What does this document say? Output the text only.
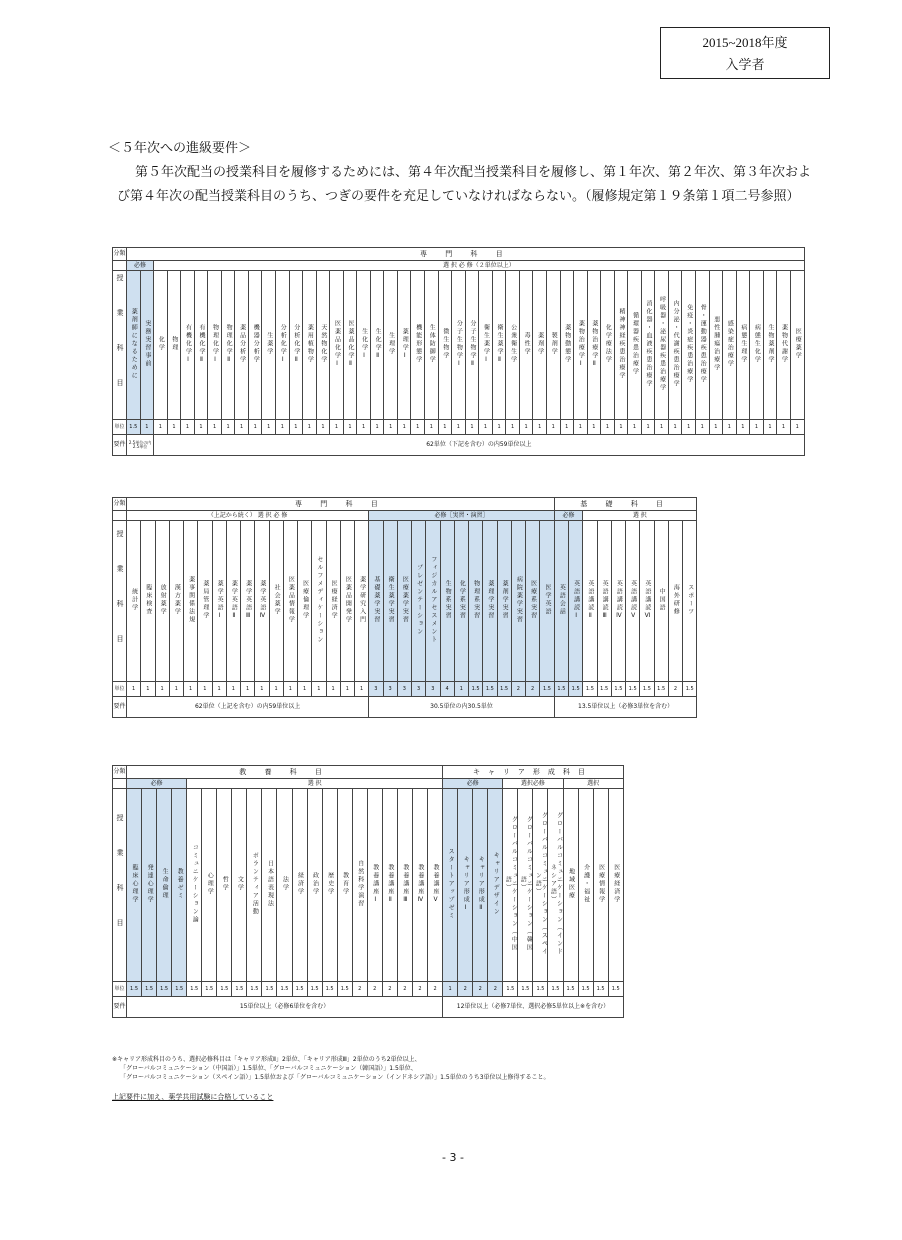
2015~2018年度
入学者
＜５年次への進級要件＞
第５年次配当の授業科目を履修するためには、第４年次配当授業科目を履修し、第１年次、第２年次、第３年次および第４年次の配当授業科目のうち、つぎの要件を充足していなければならない。（履修規定第１９条第１項二号参照）
分類	専 門 科 目																																																	
	必修		選 択 必 修（２単位以上）																																															
授業科目	薬剤師になるために	実務実習事前	化学	物理	有機化学Ⅰ	有機化学Ⅱ	物理化学Ⅰ	物理化学Ⅱ	薬品分析学	機器分析学	生薬学	分析化学Ⅰ	分析化学Ⅱ	薬用植物学	天然物化学	医薬品化学Ⅰ	医薬品化学Ⅱ	生化学Ⅰ	生化学Ⅱ	生理学	薬理学Ⅰ	機能形態学	生体防御学	微生物学	分子生物学Ⅰ	分子生物学Ⅱ	衛生薬学Ⅰ	衛生薬学Ⅱ	公衆衛生学	毒性学	薬剤学	製剤学	薬物動態学	薬物治療学Ⅰ	薬物治療学Ⅱ	化学療法学	精神神経疾患治療学	循環器疾患治療学	消化器・血液疾患治療学	呼吸器・泌尿器疾患治療学	内分泌・代謝疾患治療学	免疫・炎症疾患治療学	骨・運動器疾患治療学	悪性腫瘍治療学	感染症治療学	病態生理学	病態生化学	生物薬剤学	薬物代謝学	医療薬学
単位	1.5	1	1	1	1	1	1	1	1	1	1	1	1	1	1	1	1	1	1	1	1	1	1	1	1	1	1	1	1	1	1	1	1	1	1	1	1	1	1	1	1	1	1	1	1	1	1	1	1	1
要件	2.5単位の内2.5単位		62単位（下記を含む）の内59単位以上																																															
分類	専 門 科 目																														基 礎 科 目									
	（上記から続く） 選 択 必 修																	必修［実習・演習］													必修		選 択							
授業科目	統計学	臨床検査	放射薬学	漢方薬学	薬事関係法規	薬局管理学	薬学英語Ⅰ	薬学英語Ⅱ	薬学英語Ⅲ	薬学英語Ⅳ	社会薬学	医薬品情報学	医療倫理学	セルフメディケーション	医療経済学	医薬品開発学	薬学研究入門	基礎薬学実習	衛生薬学実習	医療薬学実習	プレゼンテーション	フィジカルアセスメント	生物系実習	化学系実習	物理系実習	薬理学実習	薬剤学実習	病院薬学実習	医療系実習	医学英語	英語会話	英語講読Ⅰ	英語講読Ⅱ	英語講読Ⅲ	英語講読Ⅳ	英語講読Ⅴ	英語講読Ⅵ	中国語	海外研修	スポーツ
単位	1	1	1	1	1	1	1	1	1	1	1	1	1	1	1	1	1	3	3	3	3	3	4	1	1.5	1.5	1.5	2	2	1.5	1.5	1.5	1.5	1.5	1.5	1.5	1.5	1.5	2	1.5
要件	62単位（上記を含む）の内59単位以上																	30.5単位の内30.5単位													13.5単位以上（必修3単位を含む）									
分類	教 養 科 目																					キャリア形成科目											
	必修				選 択																	必修				選択必修				選択			
授業科目	臨床心理学	発達心理学	生命倫理	教養ゼミ	コミュニケーション論	心理学	哲学	文学	ボランティア活動	日本語表現法	法学	経済学	政治学	歴史学	教育学	自然科学演習	教養講座Ⅰ	教養講座Ⅱ	教養講座Ⅲ	教養講座Ⅳ	教養講座Ⅴ	スタートアップゼミ	キャリア形成Ⅰ	キャリア形成Ⅱ	キャリアデザイン	グローバルコミュニケーション（中国語）	グローバルコミュニケーション（韓国語）	グローバルコミュニケーション（スペイン語）	グローバルコミュニケーション（インドネシア語）	地域医療	介護・福祉	医療情報学	医療経済学
単位	1.5	1.5	1.5	1.5	1.5	1.5	1.5	1.5	1.5	1.5	1.5	1.5	1.5	1.5	1.5	2	2	2	2	2	2	1	2	2	2	1.5	1.5	1.5	1.5	1.5	1.5	1.5	1.5
要件	15単位以上（必修6単位を含む）																					12単位以上（必修7単位、選択必修5単位以上※を含む）											
※キャリア形成科目のうち、選択必修科目は「キャリア形成Ⅱ」2単位、「キャリア形成Ⅲ」2単位のうち2単位以上、
「グローバルコミュニケーション（中国語）」1.5単位、「グローバルコミュニケーション（韓国語）」1.5単位、
「グローバルコミュニケーション（スペイン語）」1.5単位および「グローバルコミュニケーション（インドネシア語）」1.5単位のうち3単位以上修得すること。
上記要件に加え、薬学共用試験に合格していること
- 3 -
